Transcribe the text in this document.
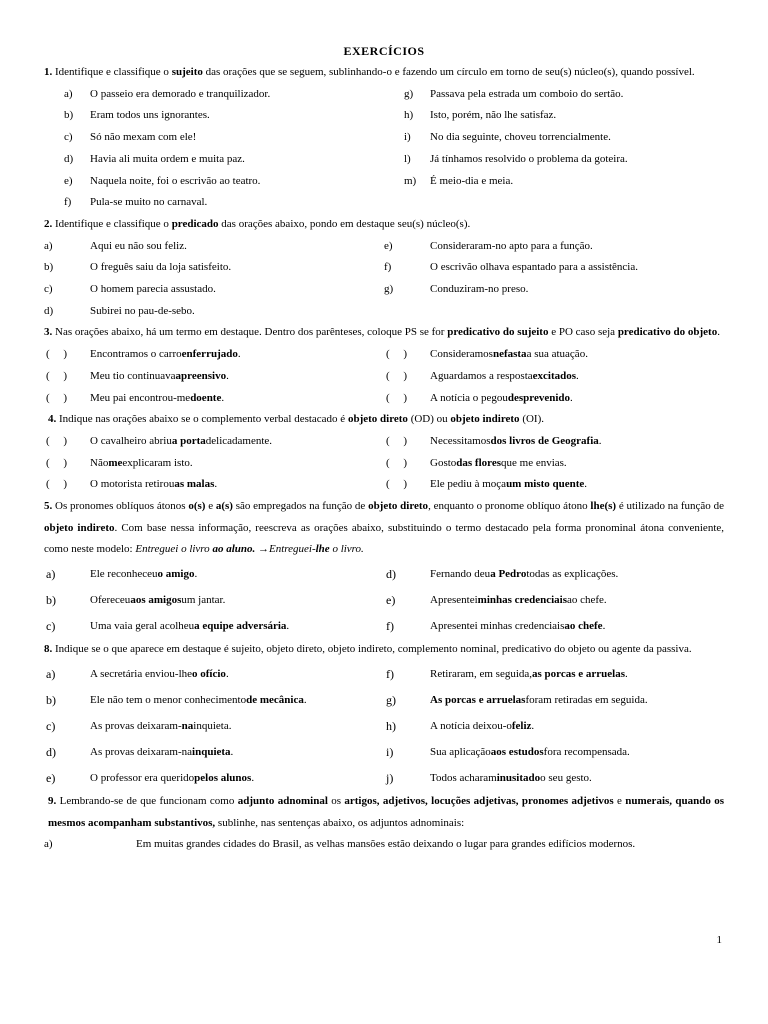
EXERCÍCIOS
1. Identifique e classifique o sujeito das orações que se seguem, sublinhando-o e fazendo um círculo em torno de seu(s) núcleo(s), quando possível.
a)	O passeio era demorado e tranquilizador.
b)	Eram todos uns ignorantes.
c)	Só não mexam com ele!
d)	Havia ali muita ordem e muita paz.
e)	Naquela noite, foi o escrivão ao teatro.
f)	Pula-se muito no carnaval.
g)	Passava pela estrada um comboio do sertão.
h)	Isto, porém, não lhe satisfaz.
i)	No dia seguinte, choveu torrencialmente.
l)	Já tínhamos resolvido o problema da goteira.
m)	É meio-dia e meia.
2. Identifique e classifique o predicado das orações abaixo, pondo em destaque seu(s) núcleo(s).
a)	Aqui eu não sou feliz.
b)	O freguês saiu da loja satisfeito.
c)	O homem parecia assustado.
d)	Subirei no pau-de-sebo.
e)	Consideraram-no apto para a função.
f)	O escrivão olhava espantado para a assistência.
g)	Conduziram-no preso.
3. Nas orações abaixo, há um termo em destaque. Dentro dos parênteses, coloque PS se for predicativo do sujeito e PO caso seja predicativo do objeto.
(     )	Encontramos o carro enferrujado .
(     )	Meu tio continuava apreensivo .
(     )	Meu pai encontrou-me doente .
(     )	Consideramos nefasta a sua atuação.
(     )	Aguardamos a resposta excitados .
(     )	A notícia o pegou desprevenido .
4. Indique nas orações abaixo se o complemento verbal destacado é objeto direto (OD) ou objeto indireto (OI).
(     )	O cavalheiro abriu a porta delicadamente.
(     )	Não me explicaram isto.
(     )	O motorista retirou as malas .
(     )	Necessitamos dos livros de Geografia .
(     )	Gosto das flores que me envias.
(     )	Ele pediu à moça um misto quente .
5. Os pronomes oblíquos átonos o(s) e a(s) são empregados na função de objeto direto, enquanto o pronome oblíquo átono lhe(s) é utilizado na função de objeto indireto. Com base nessa informação, reescreva as orações abaixo, substituindo o termo destacado pela forma pronominal átona conveniente, como neste modelo: Entreguei o livro ao aluno. →Entreguei-lhe o livro.
a)	Ele reconheceu o amigo .
b)	Ofereceu aos amigos um jantar.
c)	Uma vaia geral acolheu a equipe adversária .
d)	Fernando deu a Pedro todas as explicações.
e)	Apresentei minhas credenciais ao chefe.
f)	Apresentei minhas credenciais ao chefe .
8. Indique se o que aparece em destaque é sujeito, objeto direto, objeto indireto, complemento nominal, predicativo do objeto ou agente da passiva.
a)	A secretária enviou-lhe o ofício .
b)	Ele não tem o menor conhecimento de mecânica .
c)	As provas deixaram- na inquieta.
d)	As provas deixaram-na inquieta .
e)	O professor era querido pelos alunos .
f)	Retiraram, em seguida, as porcas e arruelas .
g)	As porcas e arruelas foram retiradas em seguida.
h)	A notícia deixou-o feliz .
i)	Sua aplicação aos estudos fora recompensada.
j)	Todos acharam inusitado o seu gesto.
9. Lembrando-se de que funcionam como adjunto adnominal os artigos, adjetivos, locuções adjetivas, pronomes adjetivos e numerais, quando os mesmos acompanham substantivos, sublinhe, nas sentenças abaixo, os adjuntos adnominais:
a)	Em muitas grandes cidades do Brasil, as velhas mansões estão deixando o lugar para grandes edifícios modernos.
1
